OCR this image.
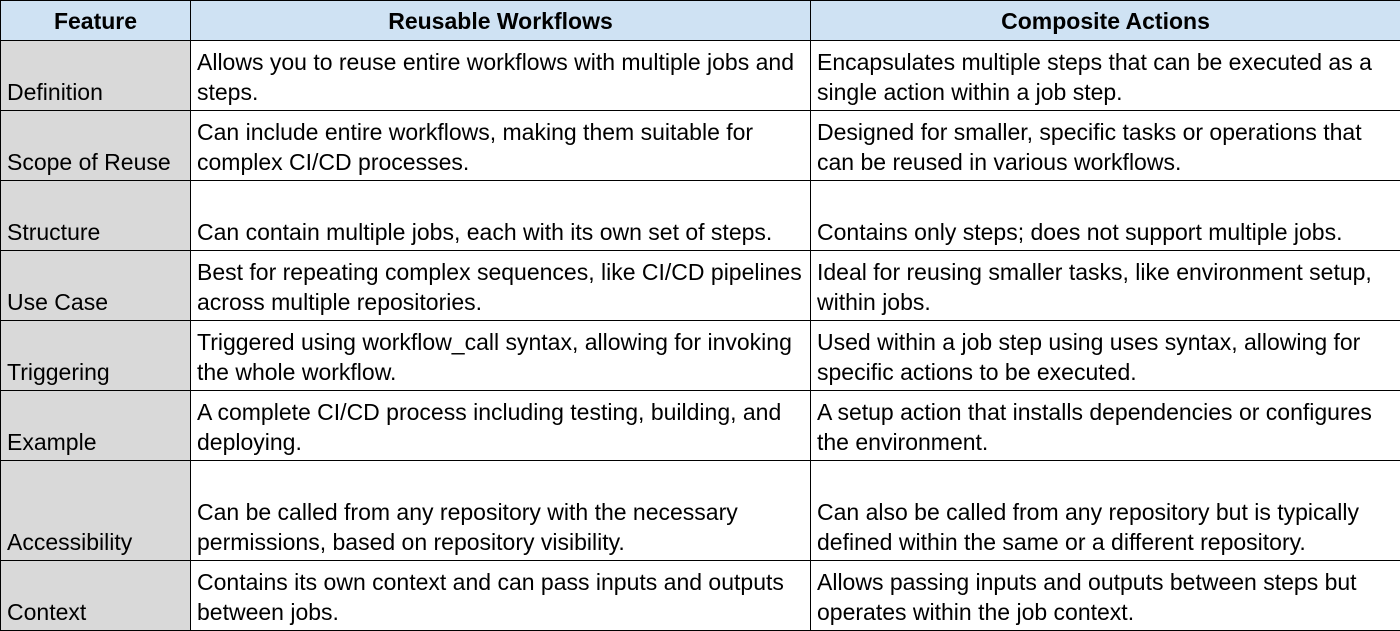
Feature	Reusable Workflows	Composite Actions
Definition	Allows you to reuse entire workflows with multiple jobs and steps.	Encapsulates multiple steps that can be executed as a single action within a job step.
Scope of Reuse	Can include entire workflows, making them suitable for complex CI/CD processes.	Designed for smaller, specific tasks or operations that can be reused in various workflows.
Structure	Can contain multiple jobs, each with its own set of steps.	Contains only steps; does not support multiple jobs.
Use Case	Best for repeating complex sequences, like CI/CD pipelines across multiple repositories.	Ideal for reusing smaller tasks, like environment setup, within jobs.
Triggering	Triggered using workflow_call syntax, allowing for invoking the whole workflow.	Used within a job step using uses syntax, allowing for specific actions to be executed.
Example	A complete CI/CD process including testing, building, and deploying.	A setup action that installs dependencies or configures the environment.
Accessibility	Can be called from any repository with the necessary permissions, based on repository visibility.	Can also be called from any repository but is typically defined within the same or a different repository.
Context	Contains its own context and can pass inputs and outputs between jobs.	Allows passing inputs and outputs between steps but operates within the job context.
